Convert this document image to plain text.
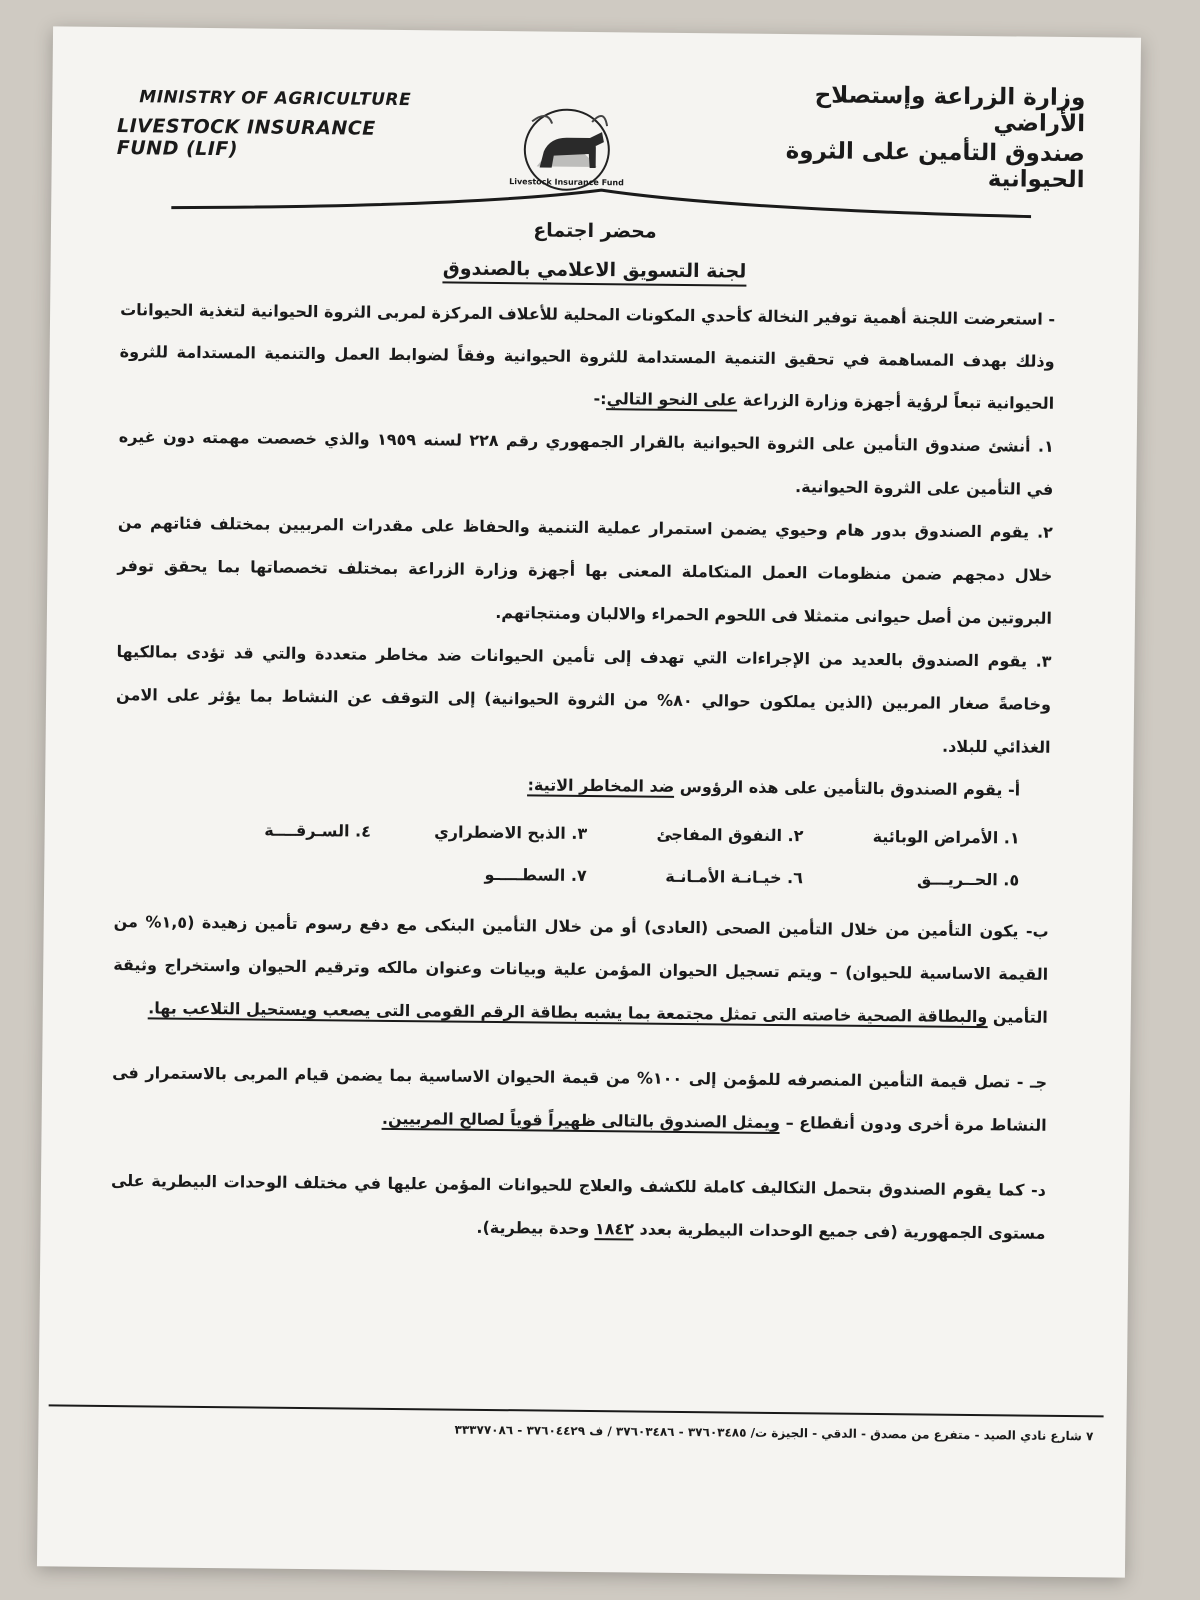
MINISTRY OF AGRICULTURE
LIVESTOCK INSURANCE FUND (LIF)
Livestock Insurance Fund
وزارة الزراعة وإستصلاح الأراضي
صندوق التأمين على الثروة الحيوانية
محضر اجتماع
لجنة التسويق الاعلامي بالصندوق

- استعرضت اللجنة أهمية توفير النخالة كأحدي المكونات المحلية للأعلاف المركزة لمربى الثروة الحيوانية لتغذية الحيوانات وذلك بهدف المساهمة في تحقيق التنمية المستدامة للثروة الحيوانية وفقاً لضوابط العمل والتنمية المستدامة للثروة الحيوانية تبعاً لرؤية أجهزة وزارة الزراعة على النحو التالي:-

١. أنشئ صندوق التأمين على الثروة الحيوانية بالقرار الجمهوري رقم ٢٢٨ لسنه ١٩٥٩ والذي خصصت مهمته دون غيره في التأمين على الثروة الحيوانية.

٢. يقوم الصندوق بدور هام وحيوي يضمن استمرار عملية التنمية والحفاظ على مقدرات المربيين بمختلف فئاتهم من خلال دمجهم ضمن منظومات العمل المتكاملة المعنى بها أجهزة وزارة الزراعة بمختلف تخصصاتها بما يحقق توفر البروتين من أصل حيوانى متمثلا فى اللحوم الحمراء والالبان ومنتجاتهم.

٣. يقوم الصندوق بالعديد من الإجراءات التي تهدف إلى تأمين الحيوانات ضد مخاطر متعددة والتي قد تؤدى بمالكيها وخاصةً صغار المربين (الذين يملكون حوالي ٨٠% من الثروة الحيوانية) إلى التوقف عن النشاط بما يؤثر على الامن الغذائي للبلاد.

أ- يقوم الصندوق بالتأمين على هذه الرؤوس ضد المخاطر الاتية:

١. الأمراض الوبائية
٢. النفوق المفاجئ
٣. الذبح الاضطراري
٤. السـرقــــة
٥. الحــريـــق
٦. خيـانـة الأمـانـة
٧. السطـــــو

ب- يكون التأمين من خلال التأمين الصحى (العادى) أو من خلال التأمين البنكى مع دفع رسوم تأمين زهيدة (١,٥% من القيمة الاساسية للحيوان) – ويتم تسجيل الحيوان المؤمن علية وبيانات وعنوان مالكه وترقيم الحيوان واستخراج وثيقة التأمين والبطاقة الصحية خاصته التى تمثل مجتمعة بما يشبه بطاقة الرقم القومى التى يصعب ويستحيل التلاعب بها.

جـ - تصل قيمة التأمين المنصرفه للمؤمن إلى ١٠٠% من قيمة الحيوان الاساسية بما يضمن قيام المربى بالاستمرار فى النشاط مرة أخرى ودون أنقطاع – ويمثل الصندوق بالتالى ظهيراً قوياً لصالح المربيين.

د- كما يقوم الصندوق بتحمل التكاليف كاملة للكشف والعلاج للحيوانات المؤمن عليها في مختلف الوحدات البيطرية على مستوى الجمهورية (فى جميع الوحدات البيطرية بعدد ١٨٤٢ وحدة بيطرية).

٧ شارع نادي الصيد - متفرع من مصدق - الدقي - الجيزة ت/ ٣٧٦٠٣٤٨٥ - ٣٧٦٠٣٤٨٦ / ف ٣٧٦٠٤٤٢٩ - ٣٣٣٧٧٠٨٦
